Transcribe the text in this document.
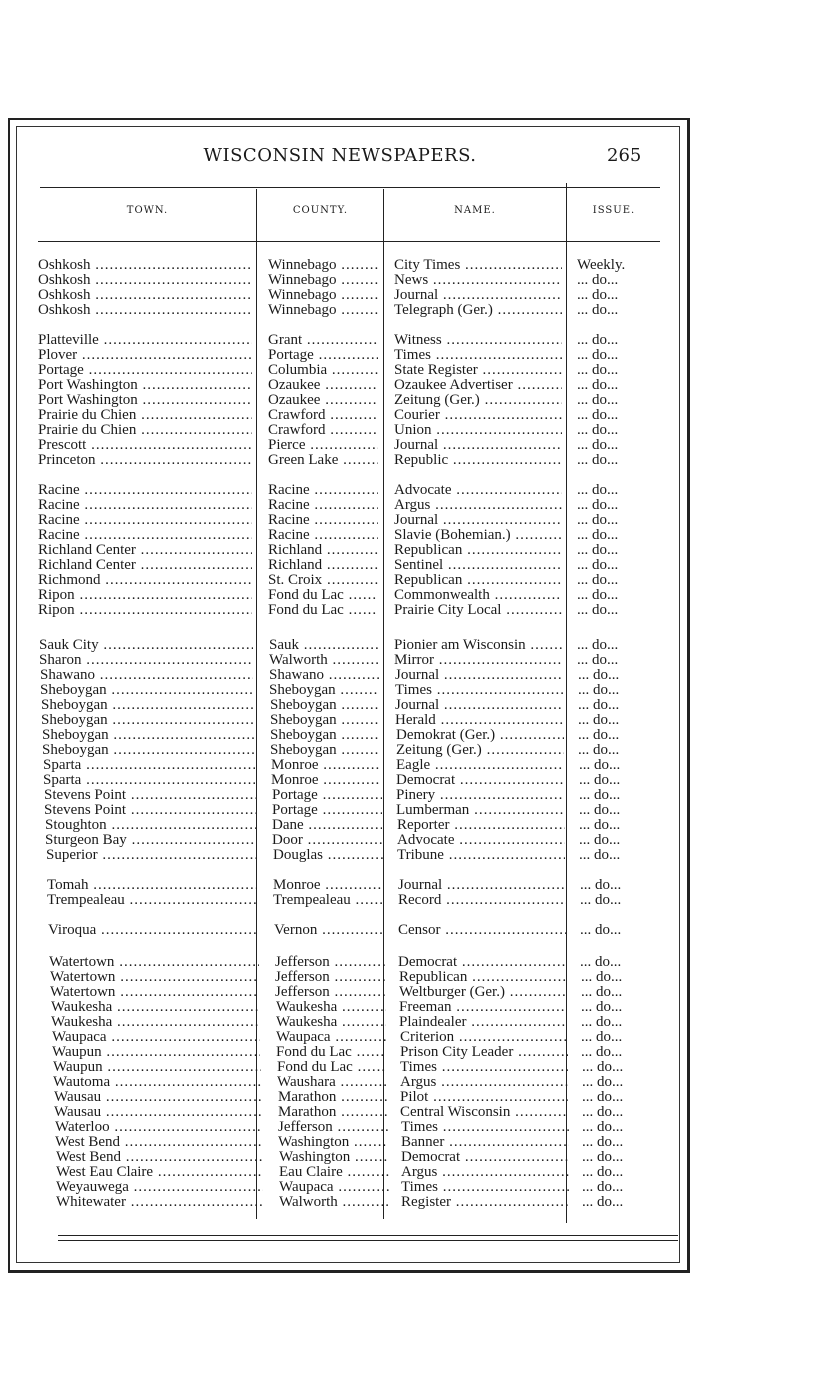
WISCONSIN NEWSPAPERS.	265
TOWN.	COUNTY.	NAME.	ISSUE.
Oshkosh .....	Winnebago .....	City Times .....	Weekly.
Oshkosh .....	Winnebago .....	News .....	... do...
Oshkosh .....	Winnebago .....	Journal .....	... do...
Oshkosh .....	Winnebago .....	Telegraph (Ger.) .....	... do...
Platteville .....	Grant .....	Witness .....	... do...
Plover .....	Portage .....	Times .....	... do...
Portage .....	Columbia .....	State Register .....	... do...
Port Washington .....	Ozaukee .....	Ozaukee Advertiser .....	... do...
Port Washington .....	Ozaukee .....	Zeitung (Ger.) .....	... do...
Prairie du Chien .....	Crawford .....	Courier .....	... do...
Prairie du Chien .....	Crawford .....	Union .....	... do...
Prescott .....	Pierce .....	Journal .....	... do...
Princeton .....	Green Lake .....	Republic .....	... do...
Racine .....	Racine .....	Advocate .....	... do...
Racine .....	Racine .....	Argus .....	... do...
Racine .....	Racine .....	Journal .....	... do...
Racine .....	Racine .....	Slavie (Bohemian.) .....	... do...
Richland Center .....	Richland .....	Republican .....	... do...
Richland Center .....	Richland .....	Sentinel .....	... do...
Richmond .....	St. Croix .....	Republican .....	... do...
Ripon .....	Fond du Lac .....	Commonwealth .....	... do...
Ripon .....	Fond du Lac .....	Prairie City Local .....	... do...
Sauk City .....	Sauk .....	Pionier am Wisconsin .....	... do...
Sharon .....	Walworth .....	Mirror .....	... do...
Shawano .....	Shawano .....	Journal .....	... do...
Sheboygan .....	Sheboygan .....	Times .....	... do...
Sheboygan .....	Sheboygan .....	Journal .....	... do...
Sheboygan .....	Sheboygan .....	Herald .....	... do...
Sheboygan .....	Sheboygan .....	Demokrat (Ger.) .....	... do...
Sheboygan .....	Sheboygan .....	Zeitung (Ger.) .....	... do...
Sparta .....	Monroe .....	Eagle .....	... do...
Sparta .....	Monroe .....	Democrat .....	... do...
Stevens Point .....	Portage .....	Pinery .....	... do...
Stevens Point .....	Portage .....	Lumberman .....	... do...
Stoughton .....	Dane .....	Reporter .....	... do...
Sturgeon Bay .....	Door .....	Advocate .....	... do...
Superior .....	Douglas .....	Tribune .....	... do...
Tomah .....	Monroe .....	Journal .....	... do...
Trempealeau .....	Trempealeau .....	Record .....	... do...
Viroqua .....	Vernon .....	Censor .....	... do...
Watertown .....	Jefferson .....	Democrat .....	... do...
Watertown .....	Jefferson .....	Republican .....	... do...
Watertown .....	Jefferson .....	Weltburger (Ger.) .....	... do...
Waukesha .....	Waukesha .....	Freeman .....	... do...
Waukesha .....	Waukesha .....	Plaindealer .....	... do...
Waupaca .....	Waupaca .....	Criterion .....	... do...
Waupun .....	Fond du Lac .....	Prison City Leader .....	... do...
Waupun .....	Fond du Lac .....	Times .....	... do...
Wautoma .....	Waushara .....	Argus .....	... do...
Wausau .....	Marathon .....	Pilot .....	... do...
Wausau .....	Marathon .....	Central Wisconsin .....	... do...
Waterloo .....	Jefferson .....	Times .....	... do...
West Bend .....	Washington .....	Banner .....	... do...
West Bend .....	Washington .....	Democrat .....	... do...
West Eau Claire .....	Eau Claire .....	Argus .....	... do...
Weyauwega .....	Waupaca .....	Times .....	... do...
Whitewater .....	Walworth .....	Register .....	... do...
